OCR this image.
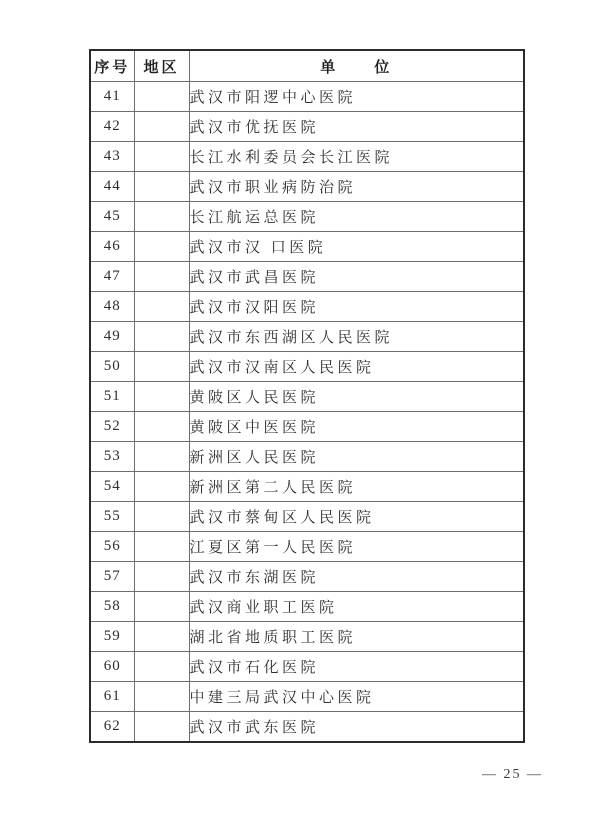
序号	地区	单　　位
41		武汉市阳逻中心医院
42		武汉市优抚医院
43		长江水利委员会长江医院
44		武汉市职业病防治院
45		长江航运总医院
46		武汉市汉 口医院
47		武汉市武昌医院
48		武汉市汉阳医院
49		武汉市东西湖区人民医院
50		武汉市汉南区人民医院
51		黄陂区人民医院
52		黄陂区中医医院
53		新洲区人民医院
54		新洲区第二人民医院
55		武汉市蔡甸区人民医院
56		江夏区第一人民医院
57		武汉市东湖医院
58		武汉商业职工医院
59		湖北省地质职工医院
60		武汉市石化医院
61		中建三局武汉中心医院
62		武汉市武东医院
— 25 —
